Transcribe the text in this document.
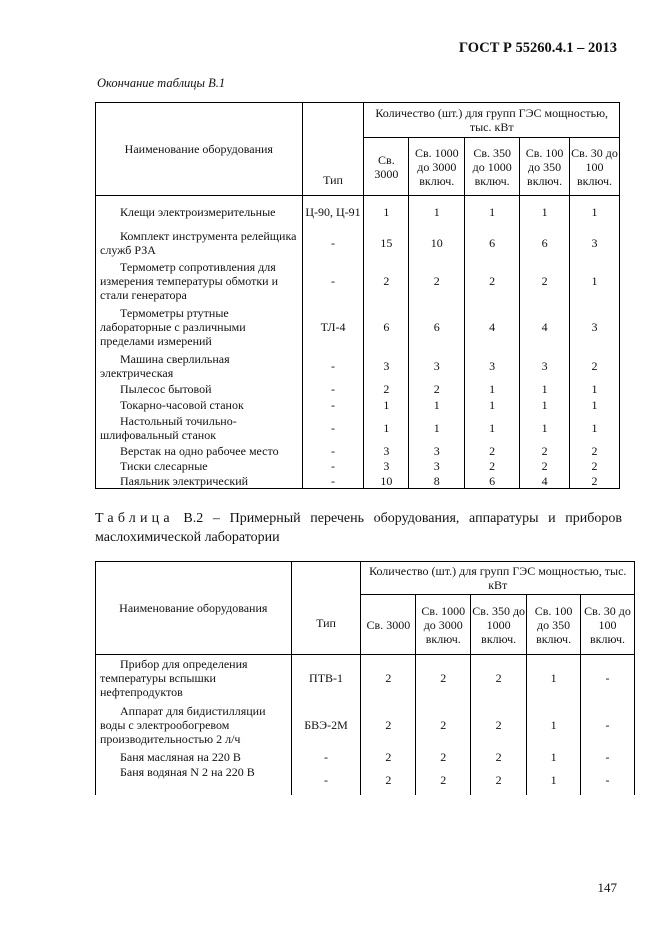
ГОСТ Р 55260.4.1 – 2013
Окончание таблицы В.1
Наименование оборудования	Тип	Количество (шт.) для групп ГЭС мощностью, тыс. кВт				
		Св. 3000	Св. 1000 до 3000 включ.	Св. 350 до 1000 включ.	Св. 100 до 350 включ.	Св. 30 до 100 включ.
Клещи электроизмерительные	Ц-90, Ц-91	1	1	1	1	1
Комплект инструмента релейщика служб РЗА	-	15	10	6	6	3
Термометр сопротивления для измерения температуры обмотки и стали генератора	-	2	2	2	2	1
Термометры ртутные лабораторные с различными пределами измерений	ТЛ-4	6	6	4	4	3
Машина сверлильная электрическая	-	3	3	3	3	2
Пылесос бытовой	-	2	2	1	1	1
Токарно-часовой станок	-	1	1	1	1	1
Настольный точильно-шлифовальный станок	-	1	1	1	1	1
Верстак на одно рабочее место	-	3	3	2	2	2
Тиски слесарные	-	3	3	2	2	2
Паяльник электрический	-	10	8	6	4	2
Таблица В.2 – Примерный перечень оборудования, аппаратуры и приборов маслохимической лаборатории
Наименование оборудования	Тип	Количество (шт.) для групп ГЭС мощностью, тыс. кВт				
		Св. 3000	Св. 1000 до 3000 включ.	Св. 350 до 1000 включ.	Св. 100 до 350 включ.	Св. 30 до 100 включ.
Прибор для определения температуры вспышки нефтепродуктов	ПТВ-1	2	2	2	1	-
Аппарат для бидистилляции воды с электрообогревом производительностью 2 л/ч	БВЭ-2М	2	2	2	1	-
Баня масляная на 220 В	-	2	2	2	1	-
Баня водяная N 2 на 220 В	-	2	2	2	1	-
147
